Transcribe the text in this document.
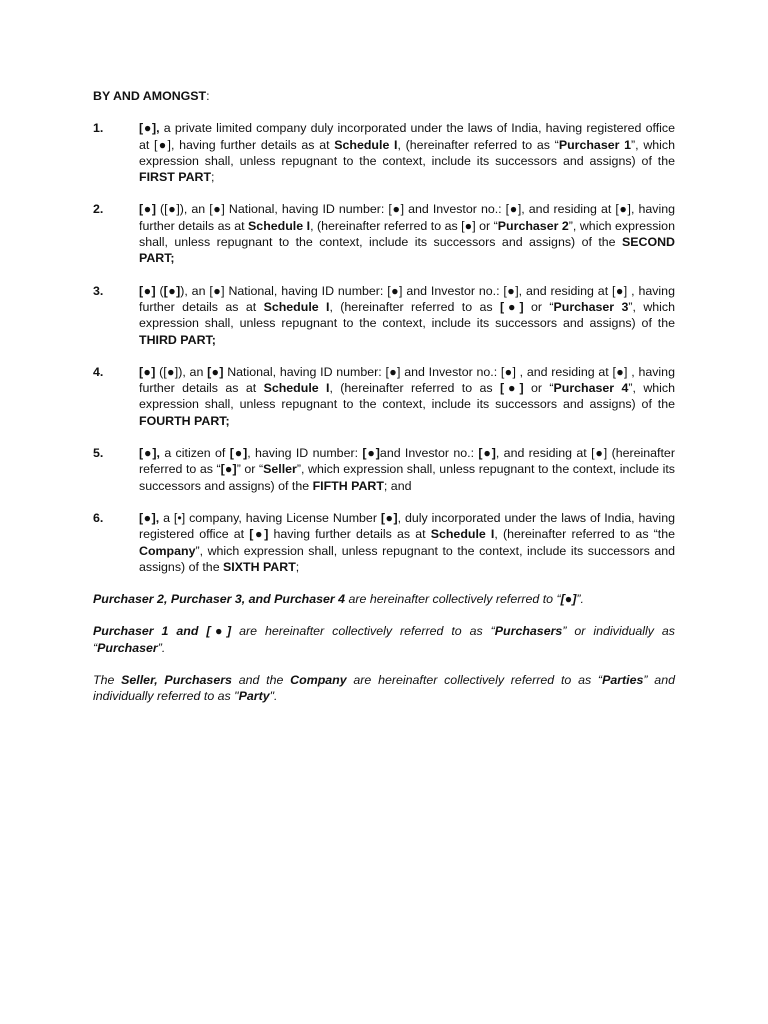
BY AND AMONGST:

1.	[●], a private limited company duly incorporated under the laws of India, having registered office at [●], having further details as at Schedule I, (hereinafter referred to as “Purchaser 1”, which expression shall, unless repugnant to the context, include its successors and assigns) of the FIRST PART;
2.	[●] ([●]), an [●] National, having ID number: [●] and Investor no.: [●], and residing at [●], having further details as at Schedule I, (hereinafter referred to as [●] or “Purchaser 2”, which expression shall, unless repugnant to the context, include its successors and assigns) of the SECOND PART;
3.	[●] ([●]), an [●] National, having ID number: [●] and Investor no.: [●], and residing at [●] , having further details as at Schedule I, (hereinafter referred to as [●] or “Purchaser 3”, which expression shall, unless repugnant to the context, include its successors and assigns) of the THIRD PART;
4.	[●] ([●]), an [●] National, having ID number: [●] and Investor no.: [●] , and residing at [●] , having further details as at Schedule I, (hereinafter referred to as [●] or “Purchaser 4”, which expression shall, unless repugnant to the context, include its successors and assigns) of the FOURTH PART;
5.	[●], a citizen of [●], having ID number: [●]and Investor no.: [●], and residing at [●] (hereinafter referred to as “[●]” or “Seller”, which expression shall, unless repugnant to the context, include its successors and assigns) of the FIFTH PART; and
6.	[●], a [•] company, having License Number [●], duly incorporated under the laws of India, having registered office at [●] having further details as at Schedule I, (hereinafter referred to as “the Company”, which expression shall, unless repugnant to the context, include its successors and assigns) of the SIXTH PART;

Purchaser 2, Purchaser 3, and Purchaser 4 are hereinafter collectively referred to “[●]”.

Purchaser 1 and [●] are hereinafter collectively referred to as “Purchasers” or individually as “Purchaser”.

The Seller, Purchasers and the Company are hereinafter collectively referred to as “Parties” and individually referred to as "Party".
